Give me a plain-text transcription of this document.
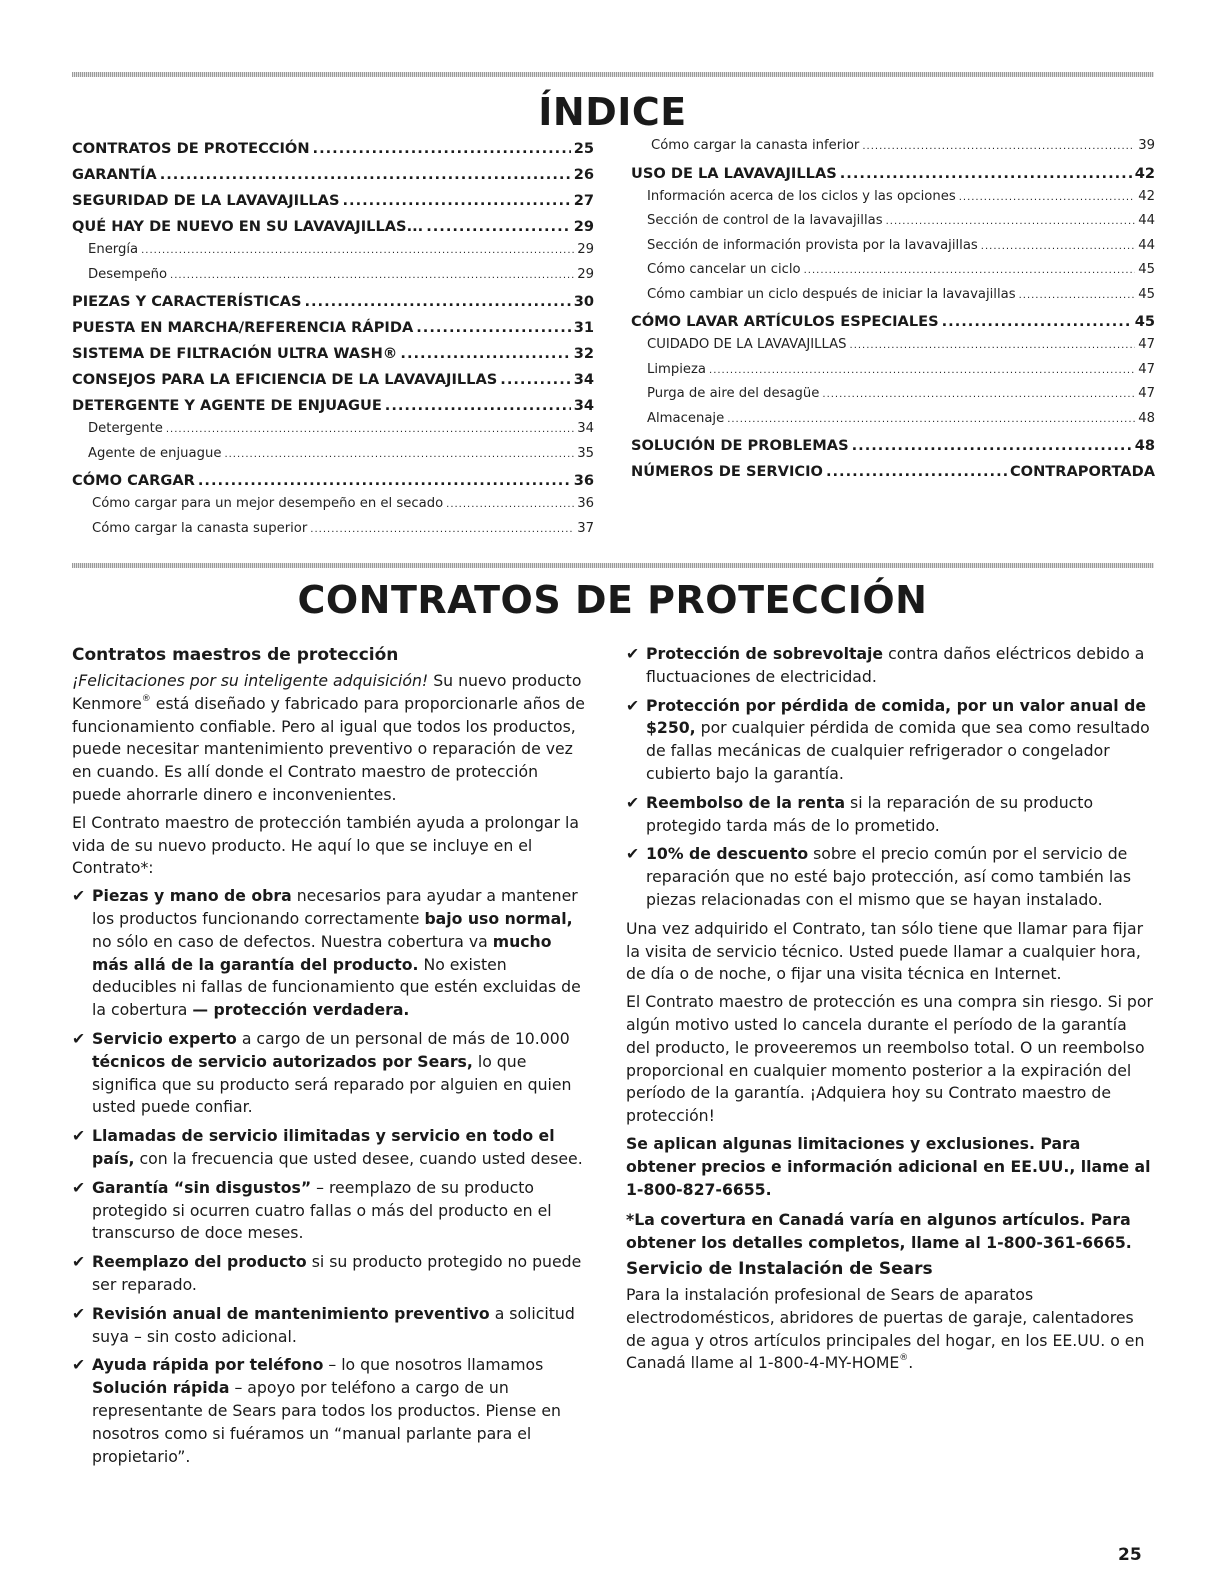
ÍNDICE
CONTRATOS DE PROTECCIÓN .....	25
GARANTÍA .....	26
SEGURIDAD DE LA LAVAVAJILLAS .....	27
QUÉ HAY DE NUEVO EN SU LAVAVAJILLAS... .....	29
Energía .....	29
Desempeño .....	29
PIEZAS Y CARACTERÍSTICAS .....	30
PUESTA EN MARCHA/REFERENCIA RÁPIDA .....	31
SISTEMA DE FILTRACIÓN ULTRA WASH® .....	32
CONSEJOS PARA LA EFICIENCIA DE LA LAVAVAJILLAS .....	34
DETERGENTE Y AGENTE DE ENJUAGUE .....	34
Detergente .....	34
Agente de enjuague .....	35
CÓMO CARGAR .....	36
Cómo cargar para un mejor desempeño en el secado .....	36
Cómo cargar la canasta superior .....	37
Cómo cargar la canasta inferior .....	39
USO DE LA LAVAVAJILLAS .....	42
Información acerca de los ciclos y las opciones .....	42
Sección de control de la lavavajillas .....	44
Sección de información provista por la lavavajillas .....	44
Cómo cancelar un ciclo .....	45
Cómo cambiar un ciclo después de iniciar la lavavajillas .....	45
CÓMO LAVAR ARTÍCULOS ESPECIALES .....	45
CUIDADO DE LA LAVAVAJILLAS .....	47
Limpieza .....	47
Purga de aire del desagüe .....	47
Almacenaje .....	48
SOLUCIÓN DE PROBLEMAS .....	48
NÚMEROS DE SERVICIO .....	CONTRAPORTADA
CONTRATOS DE PROTECCIÓN
Contratos maestros de protección

¡Felicitaciones por su inteligente adquisición! Su nuevo producto Kenmore® está diseñado y fabricado para proporcionarle años de funcionamiento confiable. Pero al igual que todos los productos, puede necesitar mantenimiento preventivo o reparación de vez en cuando. Es allí donde el Contrato maestro de protección puede ahorrarle dinero e inconvenientes.

El Contrato maestro de protección también ayuda a prolongar la vida de su nuevo producto. He aquí lo que se incluye en el Contrato*:

✔ Piezas y mano de obra necesarios para ayudar a mantener los productos funcionando correctamente bajo uso normal, no sólo en caso de defectos. Nuestra cobertura va mucho más allá de la garantía del producto. No existen deducibles ni fallas de funcionamiento que estén excluidas de la cobertura — protección verdadera.
✔ Servicio experto a cargo de un personal de más de 10.000 técnicos de servicio autorizados por Sears, lo que significa que su producto será reparado por alguien en quien usted puede confiar.
✔ Llamadas de servicio ilimitadas y servicio en todo el país, con la frecuencia que usted desee, cuando usted desee.
✔ Garantía “sin disgustos” – reemplazo de su producto protegido si ocurren cuatro fallas o más del producto en el transcurso de doce meses.
✔ Reemplazo del producto si su producto protegido no puede ser reparado.
✔ Revisión anual de mantenimiento preventivo a solicitud suya – sin costo adicional.
✔ Ayuda rápida por teléfono – lo que nosotros llamamos Solución rápida – apoyo por teléfono a cargo de un representante de Sears para todos los productos. Piense en nosotros como si fuéramos un “manual parlante para el propietario”.
✔ Protección de sobrevoltaje contra daños eléctricos debido a fluctuaciones de electricidad.
✔ Protección por pérdida de comida, por un valor anual de $250, por cualquier pérdida de comida que sea como resultado de fallas mecánicas de cualquier refrigerador o congelador cubierto bajo la garantía.
✔ Reembolso de la renta si la reparación de su producto protegido tarda más de lo prometido.
✔ 10% de descuento sobre el precio común por el servicio de reparación que no esté bajo protección, así como también las piezas relacionadas con el mismo que se hayan instalado.

Una vez adquirido el Contrato, tan sólo tiene que llamar para fijar la visita de servicio técnico. Usted puede llamar a cualquier hora, de día o de noche, o fijar una visita técnica en Internet.

El Contrato maestro de protección es una compra sin riesgo. Si por algún motivo usted lo cancela durante el período de la garantía del producto, le proveeremos un reembolso total. O un reembolso proporcional en cualquier momento posterior a la expiración del período de la garantía. ¡Adquiera hoy su Contrato maestro de protección!

Se aplican algunas limitaciones y exclusiones. Para obtener precios e información adicional en EE.UU., llame al 1-800-827-6655.

*La covertura en Canadá varía en algunos artículos. Para obtener los detalles completos, llame al 1-800-361-6665.

Servicio de Instalación de Sears

Para la instalación profesional de Sears de aparatos electrodomésticos, abridores de puertas de garaje, calentadores de agua y otros artículos principales del hogar, en los EE.UU. o en Canadá llame al 1-800-4-MY-HOME®.

25
